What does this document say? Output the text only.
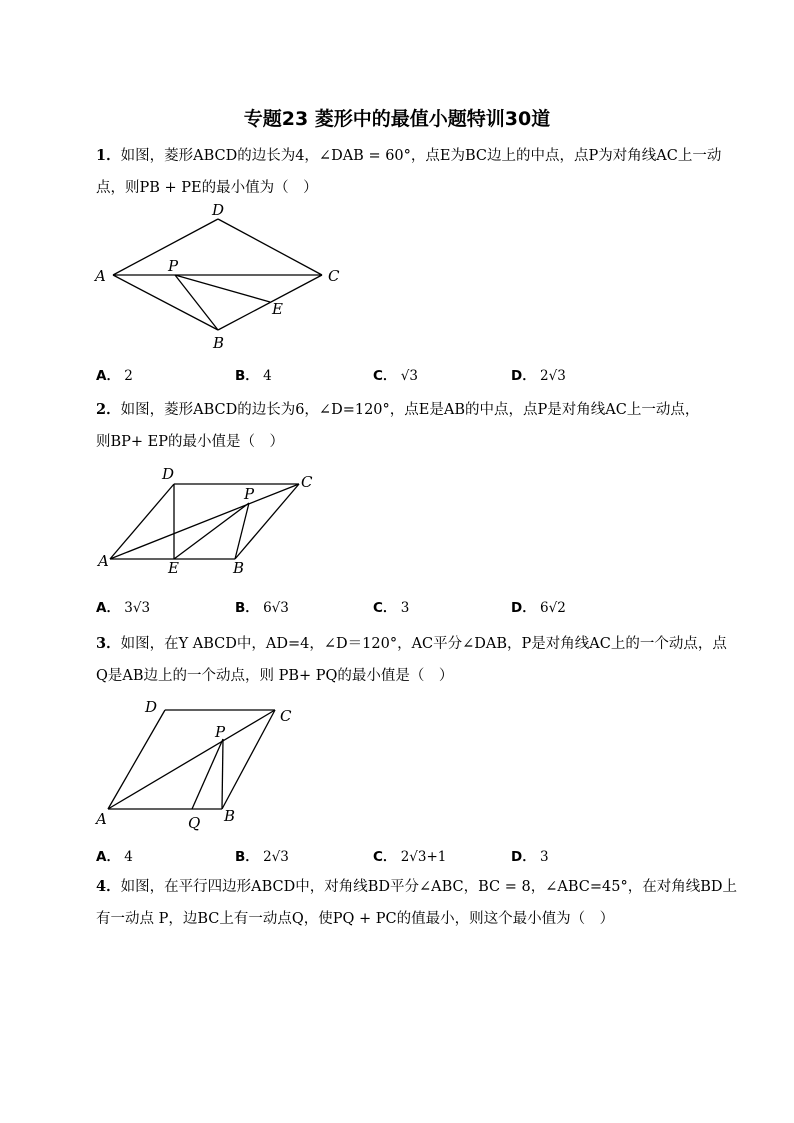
专题23 菱形中的最值小题特训30道
1．如图，菱形ABCD的边长为4，∠DAB = 60°，点E为BC边上的中点，点P为对角线AC上一动
点，则PB + PE的最小值为（　）
A
B
C
D
P
E
A． 2	B． 4	C． √3	D． 2√3
2．如图，菱形ABCD的边长为6，∠D=120°，点E是AB的中点，点P是对角线AC上一动点，
则BP+ EP的最小值是（　）
A	B
C
D
P
E
A． 3√3	B． 6√3	C． 3	D． 6√2
3．如图，在Y ABCD中，AD=4，∠D＝120°，AC平分∠DAB，P是对角线AC上的一个动点，点
Q是AB边上的一个动点，则 PB+ PQ的最小值是（　）
A	B
C
D
P
Q
A． 4	B． 2√3	C． 2√3+1	D． 3
4．如图，在平行四边形ABCD中，对角线BD平分∠ABC，BC = 8，∠ABC=45°，在对角线BD上
有一动点 P，边BC上有一动点Q，使PQ + PC的值最小，则这个最小值为（　）
